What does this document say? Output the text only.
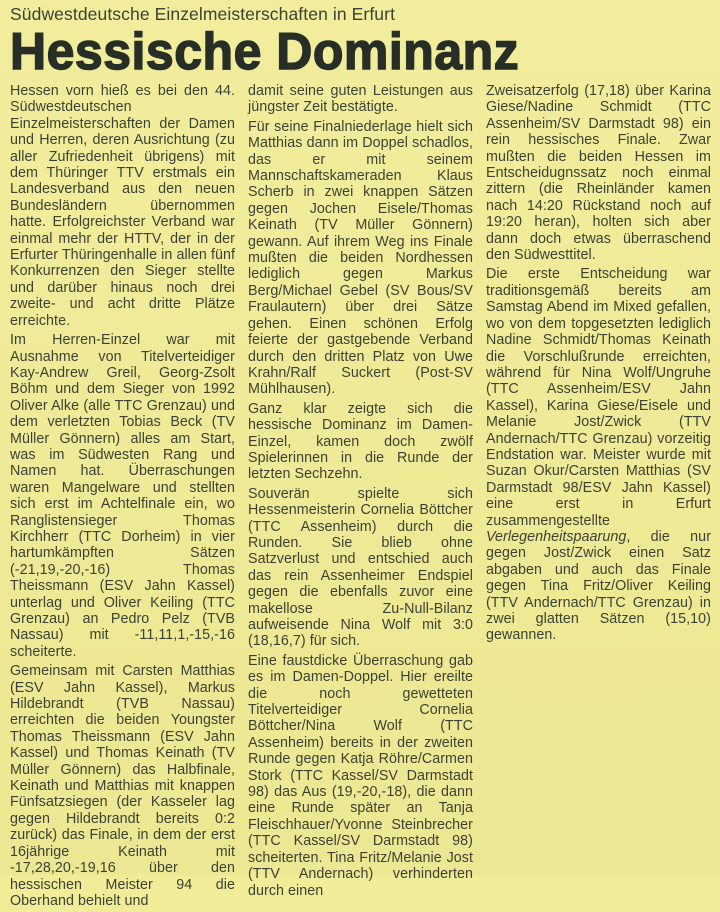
Südwestdeutsche Einzelmeisterschaften in Erfurt
Hessische Dominanz

Hessen vorn hieß es bei den 44. Südwestdeutschen Einzelmeisterschaften der Damen und Herren, deren Ausrichtung (zu aller Zufriedenheit übrigens) mit dem Thüringer TTV erstmals ein Landesverband aus den neuen Bundesländern übernommen hatte. Erfolgreichster Verband war einmal mehr der HTTV, der in der Erfurter Thüringenhalle in allen fünf Konkurrenzen den Sieger stellte und darüber hinaus noch drei zweite- und acht dritte Plätze erreichte.

Im Herren-Einzel war mit Ausnahme von Titelverteidiger Kay-Andrew Greil, Georg-Zsolt Böhm und dem Sieger von 1992 Oliver Alke (alle TTC Grenzau) und dem verletzten Tobias Beck (TV Müller Gönnern) alles am Start, was im Südwesten Rang und Namen hat. Überraschungen waren Mangelware und stellten sich erst im Achtelfinale ein, wo Ranglistensieger Thomas Kirchherr (TTC Dorheim) in vier hartumkämpften Sätzen (-21,19,-20,-16) Thomas Theissmann (ESV Jahn Kassel) unterlag und Oliver Keiling (TTC Grenzau) an Pedro Pelz (TVB Nassau) mit -11,11,1,-15,-16 scheiterte.

Gemeinsam mit Carsten Matthias (ESV Jahn Kassel), Markus Hildebrandt (TVB Nassau) erreichten die beiden Youngster Thomas Theissmann (ESV Jahn Kassel) und Thomas Keinath (TV Müller Gönnern) das Halbfinale, Keinath und Matthias mit knappen Fünfsatzsiegen (der Kasseler lag gegen Hildebrandt bereits 0:2 zurück) das Finale, in dem der erst 16jährige Keinath mit -17,28,20,-19,16 über den hessischen Meister 94 die Oberhand behielt und

damit seine guten Leistungen aus jüngster Zeit bestätigte.

Für seine Finalniederlage hielt sich Matthias dann im Doppel schadlos, das er mit seinem Mannschaftskameraden Klaus Scherb in zwei knappen Sätzen gegen Jochen Eisele/Thomas Keinath (TV Müller Gönnern) gewann. Auf ihrem Weg ins Finale mußten die beiden Nordhessen lediglich gegen Markus Berg/Michael Gebel (SV Bous/SV Fraulautern) über drei Sätze gehen. Einen schönen Erfolg feierte der gastgebende Verband durch den dritten Platz von Uwe Krahn/Ralf Suckert (Post-SV Mühlhausen).

Ganz klar zeigte sich die hessische Dominanz im Damen-Einzel, kamen doch zwölf Spielerinnen in die Runde der letzten Sechzehn.

Souverän spielte sich Hessenmeisterin Cornelia Böttcher (TTC Assenheim) durch die Runden. Sie blieb ohne Satzverlust und entschied auch das rein Assenheimer Endspiel gegen die ebenfalls zuvor eine makellose Zu-Null-Bilanz aufweisende Nina Wolf mit 3:0 (18,16,7) für sich.

Eine faustdicke Überraschung gab es im Damen-Doppel. Hier ereilte die noch gewetteten Titelverteidiger Cornelia Böttcher/Nina Wolf (TTC Assenheim) bereits in der zweiten Runde gegen Katja Röhre/Carmen Stork (TTC Kassel/SV Darmstadt 98) das Aus (19,-20,-18), die dann eine Runde später an Tanja Fleischhauer/Yvonne Steinbrecher (TTC Kassel/SV Darmstadt 98) scheiterten. Tina Fritz/Melanie Jost (TTV Andernach) verhinderten durch einen

Zweisatzerfolg (17,18) über Karina Giese/Nadine Schmidt (TTC Assenheim/SV Darmstadt 98) ein rein hessisches Finale. Zwar mußten die beiden Hessen im Entscheidugnssatz noch einmal zittern (die Rheinländer kamen nach 14:20 Rückstand noch auf 19:20 heran), holten sich aber dann doch etwas überraschend den Südwesttitel.

Die erste Entscheidung war traditionsgemäß bereits am Samstag Abend im Mixed gefallen, wo von dem topgesetzten lediglich Nadine Schmidt/Thomas Keinath die Vorschlußrunde erreichten, während für Nina Wolf/Ungruhe (TTC Assenheim/ESV Jahn Kassel), Karina Giese/Eisele und Melanie Jost/Zwick (TTV Andernach/TTC Grenzau) vorzeitig Endstation war. Meister wurde mit Suzan Okur/Carsten Matthias (SV Darmstadt 98/ESV Jahn Kassel) eine erst in Erfurt zusammengestellte Verlegenheitspaarung, die nur gegen Jost/Zwick einen Satz abgaben und auch das Finale gegen Tina Fritz/Oliver Keiling (TTV Andernach/TTC Grenzau) in zwei glatten Sätzen (15,10) gewannen.
